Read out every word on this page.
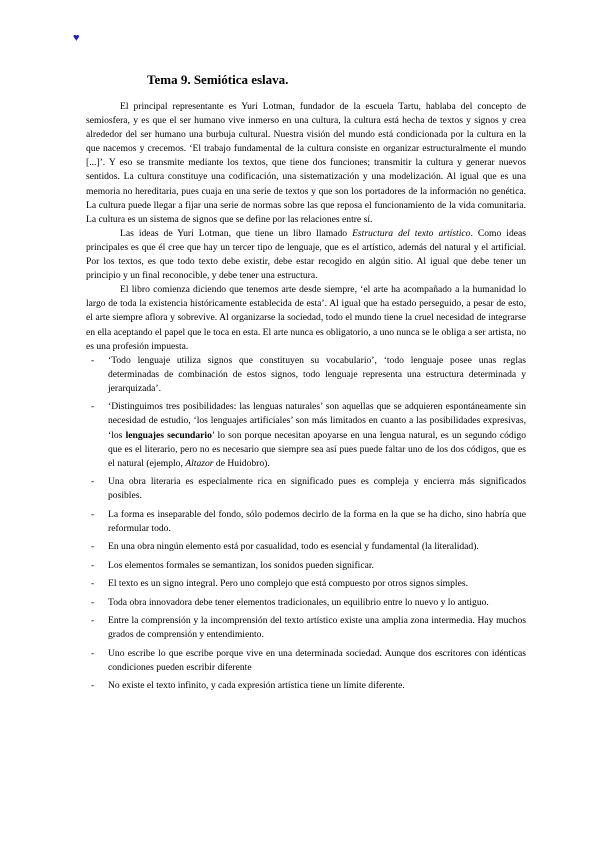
♥
Tema 9. Semiótica eslava.

El principal representante es Yuri Lotman, fundador de la escuela Tartu, hablaba del concepto de semiosfera, y es que el ser humano vive inmerso en una cultura, la cultura está hecha de textos y signos y crea alrededor del ser humano una burbuja cultural. Nuestra visión del mundo está condicionada por la cultura en la que nacemos y crecemos. ‘El trabajo fundamental de la cultura consiste en organizar estructuralmente el mundo [...]’. Y eso se transmite mediante los textos, que tiene dos funciones; transmitir la cultura y generar nuevos sentidos. La cultura constituye una codificación, una sistematización y una modelización. Al igual que es una memoria no hereditaria, pues cuaja en una serie de textos y que son los portadores de la información no genética. La cultura puede llegar a fijar una serie de normas sobre las que reposa el funcionamiento de la vida comunitaria. La cultura es un sistema de signos que se define por las relaciones entre sí.

Las ideas de Yuri Lotman, que tiene un libro llamado Estructura del texto artístico. Como ideas principales es que él cree que hay un tercer tipo de lenguaje, que es el artístico, además del natural y el artificial. Por los textos, es que todo texto debe existir, debe estar recogido en algún sitio. Al igual que debe tener un principio y un final reconocible, y debe tener una estructura.

El libro comienza diciendo que tenemos arte desde siempre, ‘el arte ha acompañado a la humanidad lo largo de toda la existencia históricamente establecida de esta’. Al igual que ha estado perseguido, a pesar de esto, el arte siempre aflora y sobrevive. Al organizarse la sociedad, todo el mundo tiene la cruel necesidad de integrarse en ella aceptando el papel que le toca en esta. El arte nunca es obligatorio, a uno nunca se le obliga a ser artista, no es una profesión impuesta.

- ‘Todo lenguaje utiliza signos que constituyen su vocabulario’, ‘todo lenguaje posee unas reglas determinadas de combinación de estos signos, todo lenguaje representa una estructura determinada y jerarquizada’.
- ‘Distinguimos tres posibilidades: las lenguas naturales’ son aquellas que se adquieren espontáneamente sin necesidad de estudio, ‘los lenguajes artificiales’ son más limitados en cuanto a las posibilidades expresivas, ‘los lenguajes secundario’ lo son porque necesitan apoyarse en una lengua natural, es un segundo código que es el literario, pero no es necesario que siempre sea así pues puede faltar uno de los dos códigos, que es el natural (ejemplo, Altazor de Huidobro).
- Una obra literaria es especialmente rica en significado pues es compleja y encierra más significados posibles.
- La forma es inseparable del fondo, sólo podemos decirlo de la forma en la que se ha dicho, sino habría que reformular todo.
- En una obra ningún elemento está por casualidad, todo es esencial y fundamental (la literalidad).
- Los elementos formales se semantizan, los sonidos pueden significar.
- El texto es un signo integral. Pero uno complejo que está compuesto por otros signos simples.
- Toda obra innovadora debe tener elementos tradicionales, un equilibrio entre lo nuevo y lo antiguo.
- Entre la comprensión y la incomprensión del texto artístico existe una amplia zona intermedia. Hay muchos grados de comprensión y entendimiento.
- Uno escribe lo que escribe porque vive en una determinada sociedad. Aunque dos escritores con idénticas condiciones pueden escribir diferente
- No existe el texto infinito, y cada expresión artística tiene un límite diferente.
